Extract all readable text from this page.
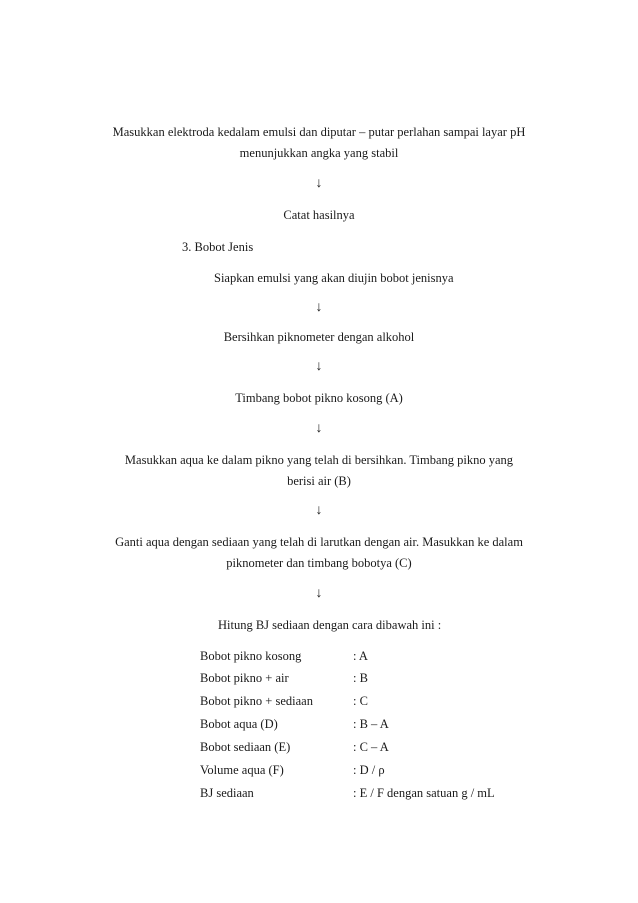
Masukkan elektroda kedalam emulsi dan diputar – putar perlahan sampai layar pH
menunjukkan angka yang stabil
↓
Catat hasilnya
3. Bobot Jenis
Siapkan emulsi yang akan diujin bobot jenisnya
↓
Bersihkan piknometer dengan alkohol
↓
Timbang bobot pikno kosong (A)
↓
Masukkan aqua ke dalam pikno yang telah di bersihkan. Timbang pikno yang
berisi air (B)
↓
Ganti aqua dengan sediaan yang telah di larutkan dengan air. Masukkan ke dalam
piknometer dan timbang bobotya (C)
↓
Hitung BJ sediaan dengan cara dibawah ini :
Bobot pikno kosong	: A
Bobot pikno + air	: B
Bobot pikno + sediaan	: C
Bobot aqua (D)	: B – A
Bobot sediaan (E)	: C – A
Volume aqua (F)	: D / ρ
BJ sediaan	: E / F dengan satuan g / mL
